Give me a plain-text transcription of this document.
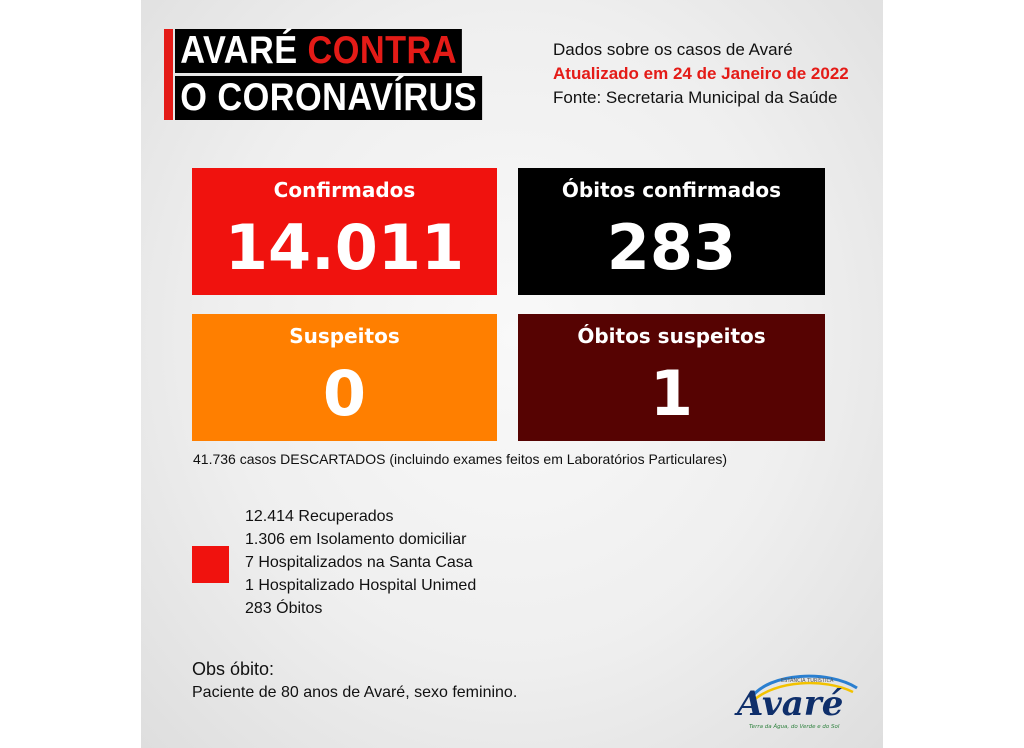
AVARÉ CONTRA
O CORONAVÍRUS
Dados sobre os casos de Avaré
Atualizado em 24 de Janeiro de 2022
Fonte: Secretaria Municipal da Saúde
Confirmados
14.011
Óbitos confirmados
283
Suspeitos
0
Óbitos suspeitos
1
41.736 casos DESCARTADOS (incluindo exames feitos em Laboratórios Particulares)
12.414 Recuperados
1.306 em Isolamento domiciliar
7 Hospitalizados na Santa Casa
1 Hospitalizado Hospital Unimed
283 Óbitos
Obs óbito:
Paciente de 80 anos de Avaré, sexo feminino.	Avaré
ESTÂNCIA TURÍSTICA
Terra da Água, do Verde e do Sol
